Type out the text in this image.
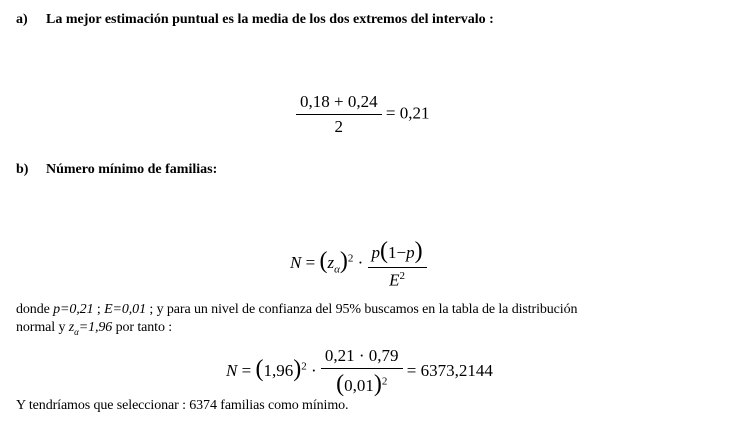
a) La mejor estimación puntual es la media de los dos extremos del intervalo :
$\frac{0,18 + 0,24}{2} = 0,21$
b) Número mínimo de familias:
$N = (z_\alpha)^2 \cdot \frac{p(1-p)}{E^2}$
donde p=0,21 ; E=0,01 ; y para un nivel de confianza del 95% buscamos en la tabla de la distribución
normal y $z_\alpha=1,96$ por tanto :
$N = (1,96)^2 \cdot \frac{0,21 \cdot 0,79}{(0,01)^2} = 6373,2144$
Y tendríamos que seleccionar : 6374 familias como mínimo.
